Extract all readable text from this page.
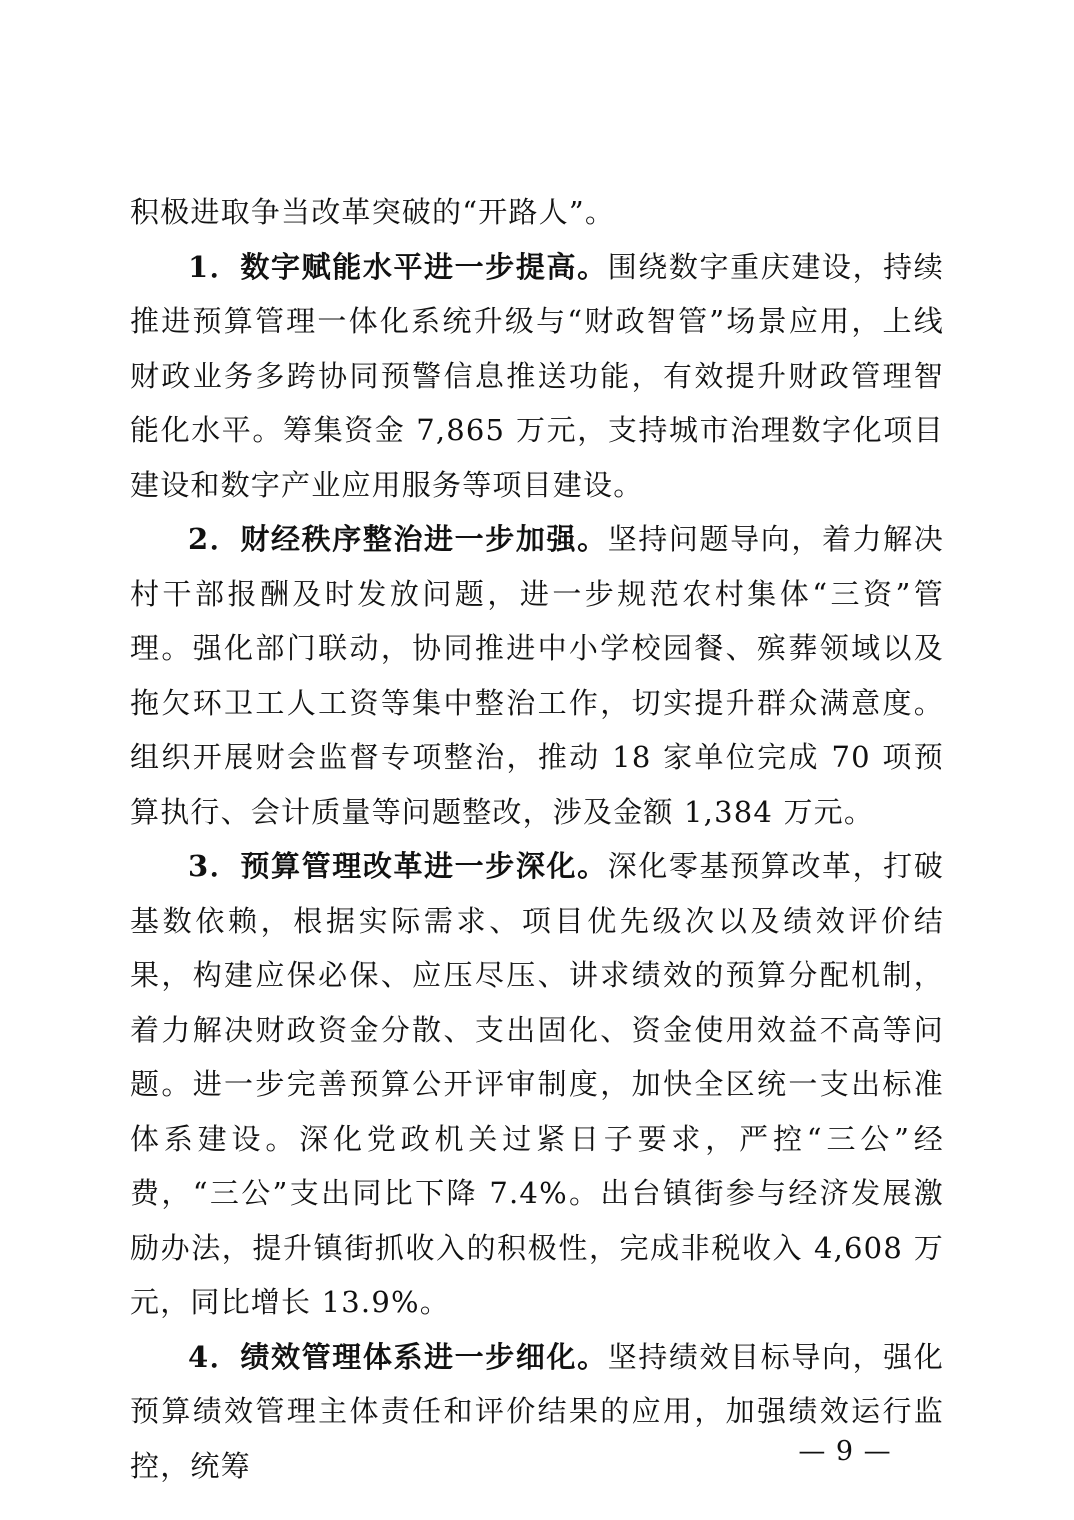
积极进取争当改革突破的“开路人”。

1．数字赋能水平进一步提高。围绕数字重庆建设，持续推进预算管理一体化系统升级与“财政智管”场景应用，上线财政业务多跨协同预警信息推送功能，有效提升财政管理智能化水平。筹集资金 7,865 万元，支持城市治理数字化项目建设和数字产业应用服务等项目建设。

2．财经秩序整治进一步加强。坚持问题导向，着力解决村干部报酬及时发放问题，进一步规范农村集体“三资”管理。强化部门联动，协同推进中小学校园餐、殡葬领域以及拖欠环卫工人工资等集中整治工作，切实提升群众满意度。组织开展财会监督专项整治，推动 18 家单位完成 70 项预算执行、会计质量等问题整改，涉及金额 1,384 万元。

3．预算管理改革进一步深化。深化零基预算改革，打破基数依赖，根据实际需求、项目优先级次以及绩效评价结果，构建应保必保、应压尽压、讲求绩效的预算分配机制，着力解决财政资金分散、支出固化、资金使用效益不高等问题。进一步完善预算公开评审制度，加快全区统一支出标准体系建设。深化党政机关过紧日子要求，严控“三公”经费，“三公”支出同比下降 7.4%。出台镇街参与经济发展激励办法，提升镇街抓收入的积极性，完成非税收入 4,608 万元，同比增长 13.9%。

4．绩效管理体系进一步细化。坚持绩效目标导向，强化预算绩效管理主体责任和评价结果的应用，加强绩效运行监控，统筹	— 9 —
